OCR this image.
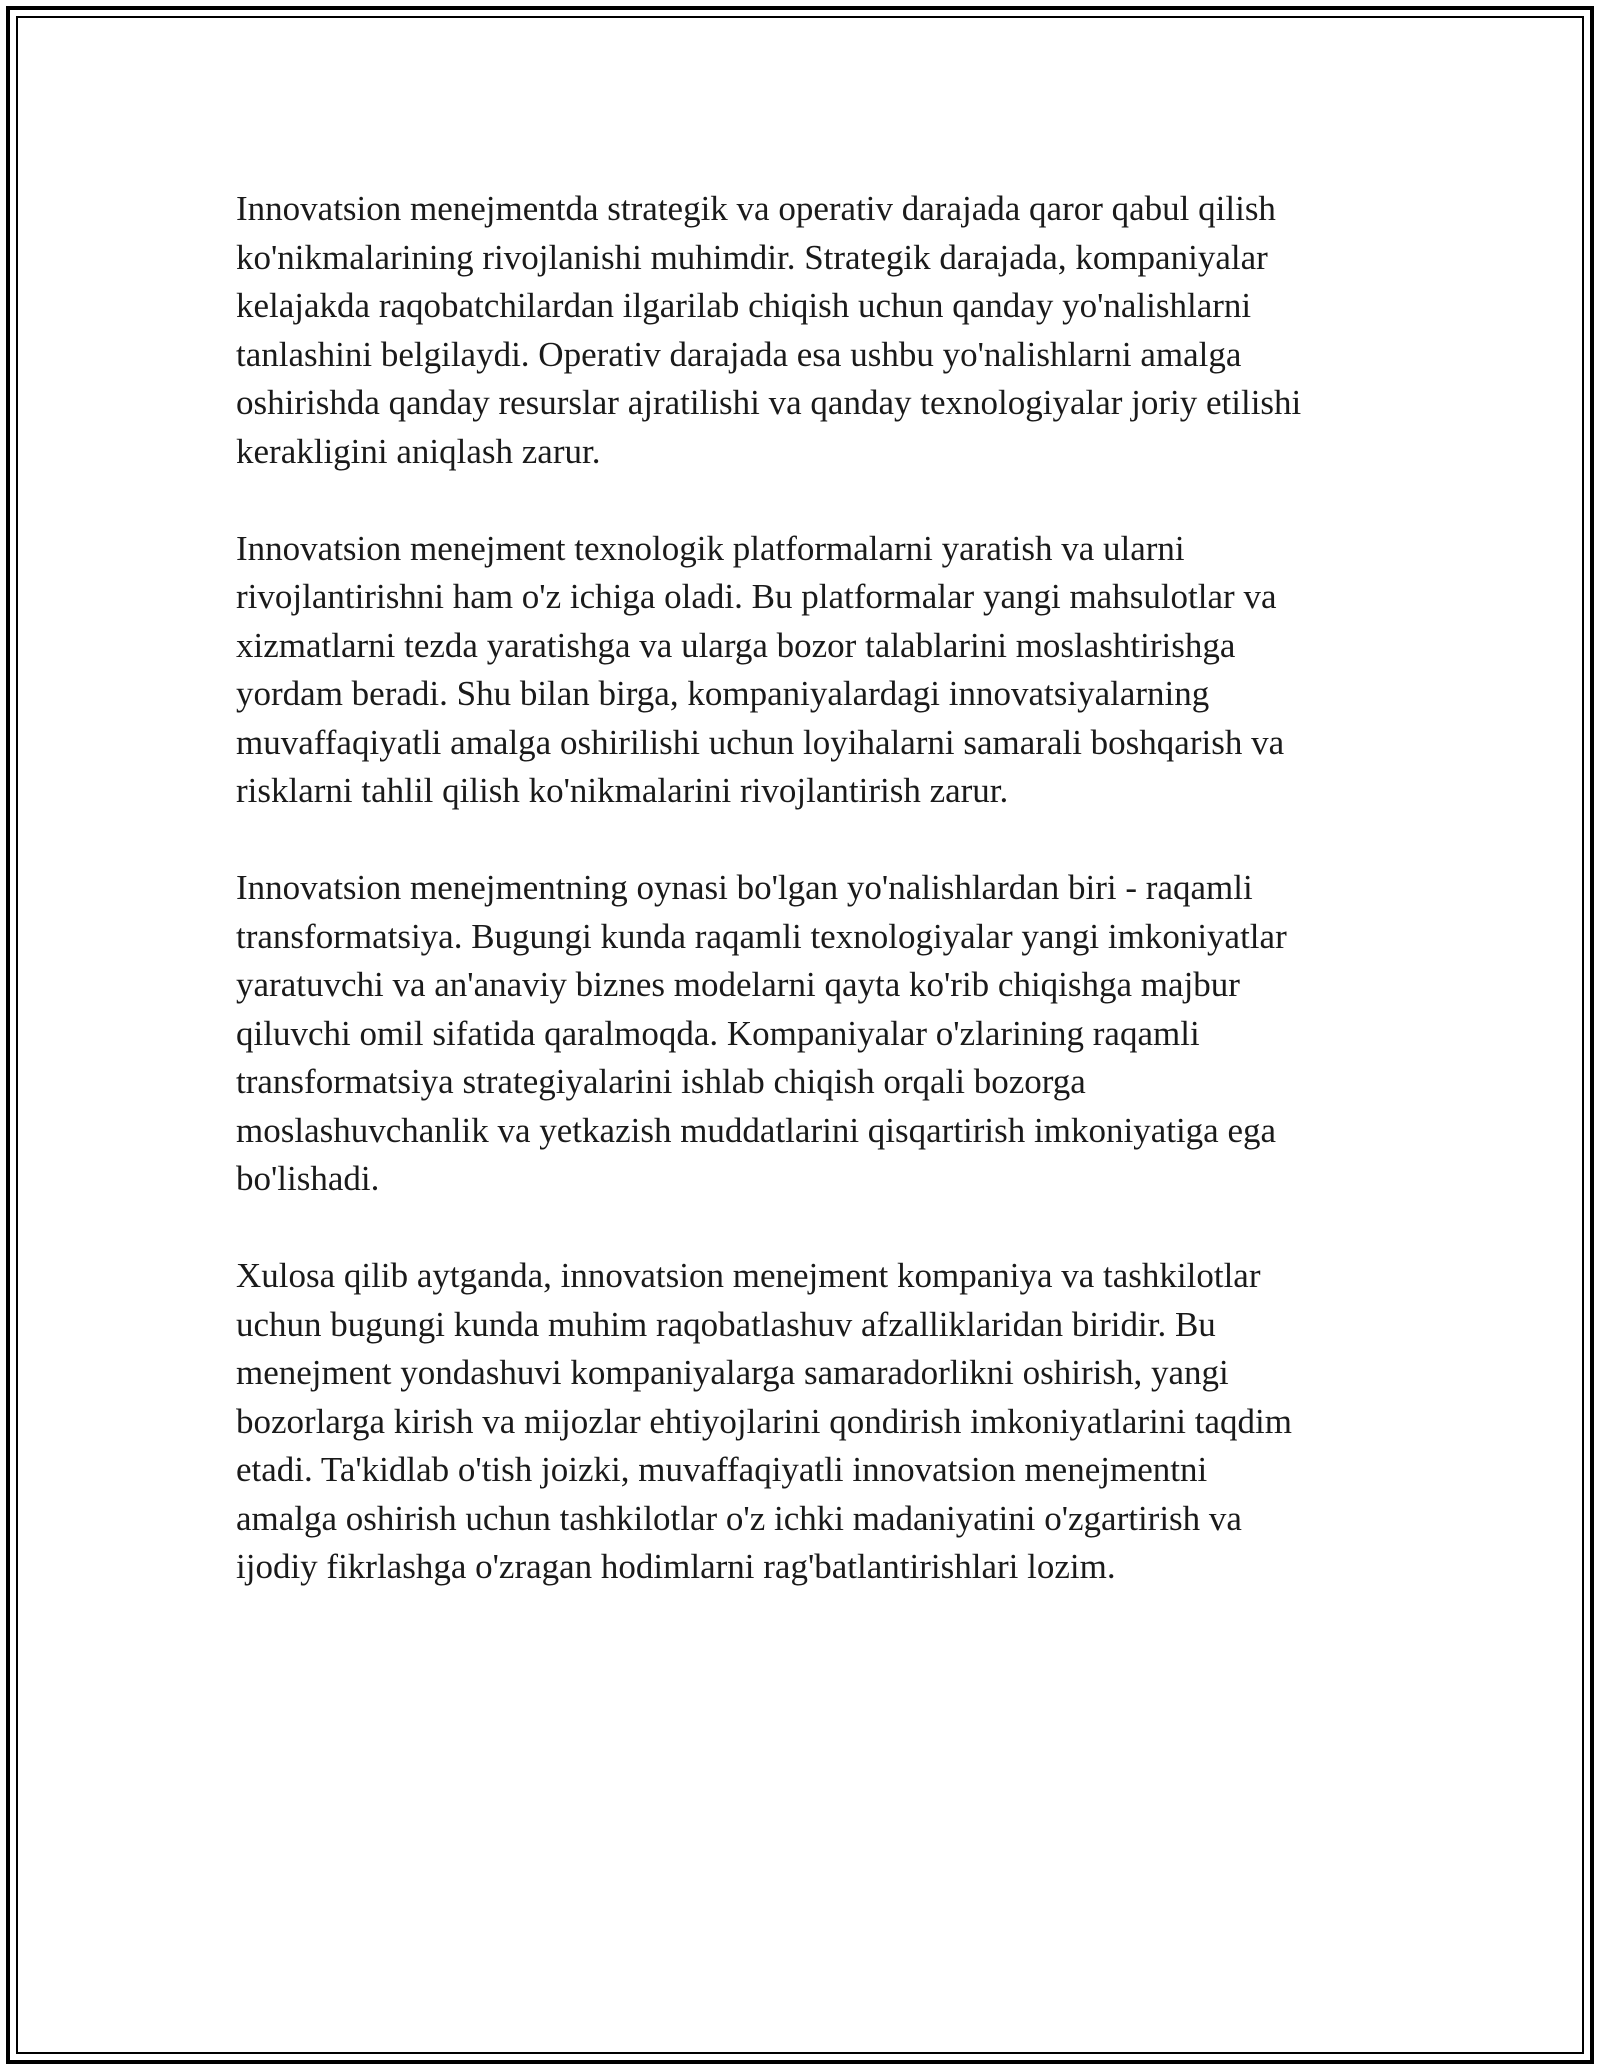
Innovatsion menejmentda strategik va operativ darajada qaror qabul qilish
ko'nikmalarining rivojlanishi muhimdir. Strategik darajada, kompaniyalar
kelajakda raqobatchilardan ilgarilab chiqish uchun qanday yo'nalishlarni
tanlashini belgilaydi. Operativ darajada esa ushbu yo'nalishlarni amalga
oshirishda qanday resurslar ajratilishi va qanday texnologiyalar joriy etilishi
kerakligini aniqlash zarur.

Innovatsion menejment texnologik platformalarni yaratish va ularni
rivojlantirishni ham o'z ichiga oladi. Bu platformalar yangi mahsulotlar va
xizmatlarni tezda yaratishga va ularga bozor talablarini moslashtirishga
yordam beradi. Shu bilan birga, kompaniyalardagi innovatsiyalarning
muvaffaqiyatli amalga oshirilishi uchun loyihalarni samarali boshqarish va
risklarni tahlil qilish ko'nikmalarini rivojlantirish zarur.

Innovatsion menejmentning oynasi bo'lgan yo'nalishlardan biri - raqamli
transformatsiya. Bugungi kunda raqamli texnologiyalar yangi imkoniyatlar
yaratuvchi va an'anaviy biznes modelarni qayta ko'rib chiqishga majbur
qiluvchi omil sifatida qaralmoqda. Kompaniyalar o'zlarining raqamli
transformatsiya strategiyalarini ishlab chiqish orqali bozorga
moslashuvchanlik va yetkazish muddatlarini qisqartirish imkoniyatiga ega
bo'lishadi.

Xulosa qilib aytganda, innovatsion menejment kompaniya va tashkilotlar
uchun bugungi kunda muhim raqobatlashuv afzalliklaridan biridir. Bu
menejment yondashuvi kompaniyalarga samaradorlikni oshirish, yangi
bozorlarga kirish va mijozlar ehtiyojlarini qondirish imkoniyatlarini taqdim
etadi. Ta'kidlab o'tish joizki, muvaffaqiyatli innovatsion menejmentni
amalga oshirish uchun tashkilotlar o'z ichki madaniyatini o'zgartirish va
ijodiy fikrlashga o'zragan hodimlarni rag'batlantirishlari lozim.
